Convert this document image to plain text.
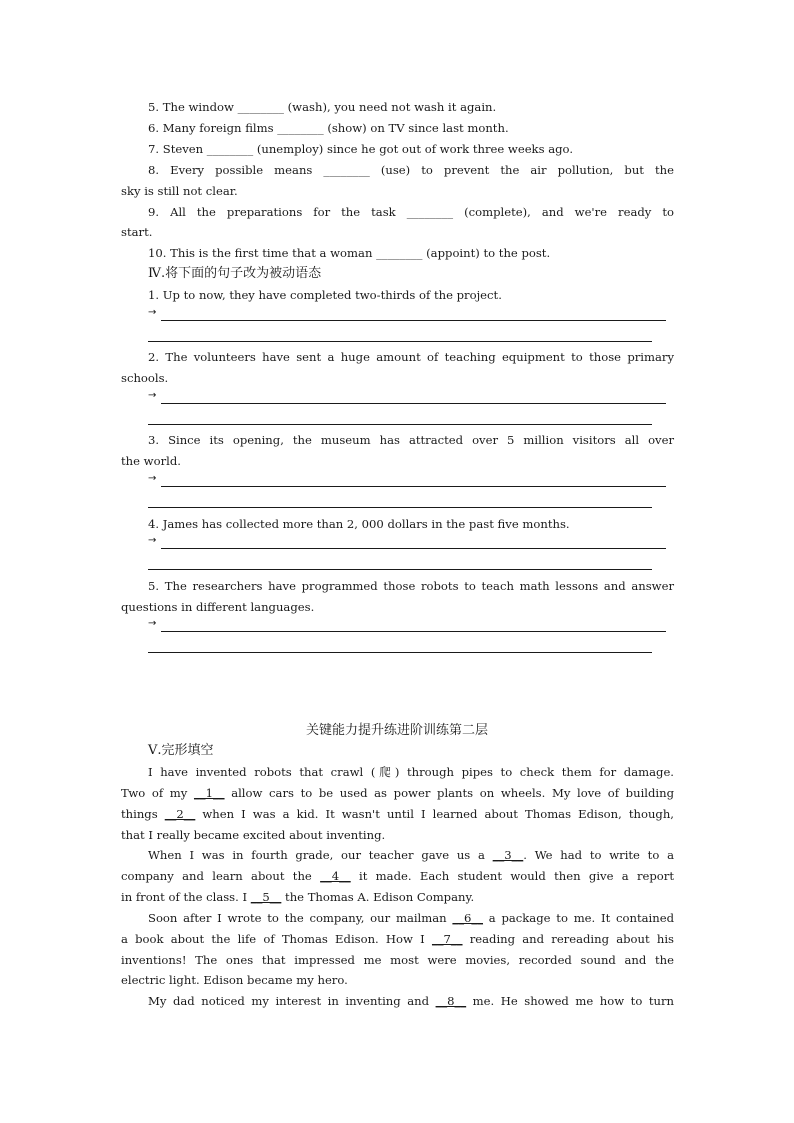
5. The window ________ (wash), you need not wash it again.
6. Many foreign films ________ (show) on TV since last month.
7. Steven ________ (unemploy) since he got out of work three weeks ago.
8. Every possible means ________ (use) to prevent the air pollution, but the
sky is still not clear.
9. All the preparations for the task ________ (complete), and we're ready to
start.
10. This is the first time that a woman ________ (appoint) to the post.
Ⅳ.将下面的句子改为被动语态
1. Up to now, they have completed two-thirds of the project.
→
2. The volunteers have sent a huge amount of teaching equipment to those primary
schools.
→
3. Since its opening, the museum has attracted over 5 million visitors all over
the world.
→
4. James has collected more than 2, 000 dollars in the past five months.
→
5. The researchers have programmed those robots to teach math lessons and answer
questions in different languages.
→
关键能力提升练进阶训练第二层
Ⅴ.完形填空
I have invented robots that crawl (爬) through pipes to check them for damage.
Two of my __1__ allow cars to be used as power plants on wheels. My love of building
things __2__ when I was a kid. It wasn't until I learned about Thomas Edison, though,
that I really became excited about inventing.
When I was in fourth grade, our teacher gave us a __3__. We had to write to a
company and learn about the __4__ it made. Each student would then give a report
in front of the class. I __5__ the Thomas A. Edison Company.
Soon after I wrote to the company, our mailman __6__ a package to me. It contained
a book about the life of Thomas Edison. How I __7__ reading and rereading about his
inventions! The ones that impressed me most were movies, recorded sound and the
electric light. Edison became my hero.
My dad noticed my interest in inventing and __8__ me. He showed me how to turn
